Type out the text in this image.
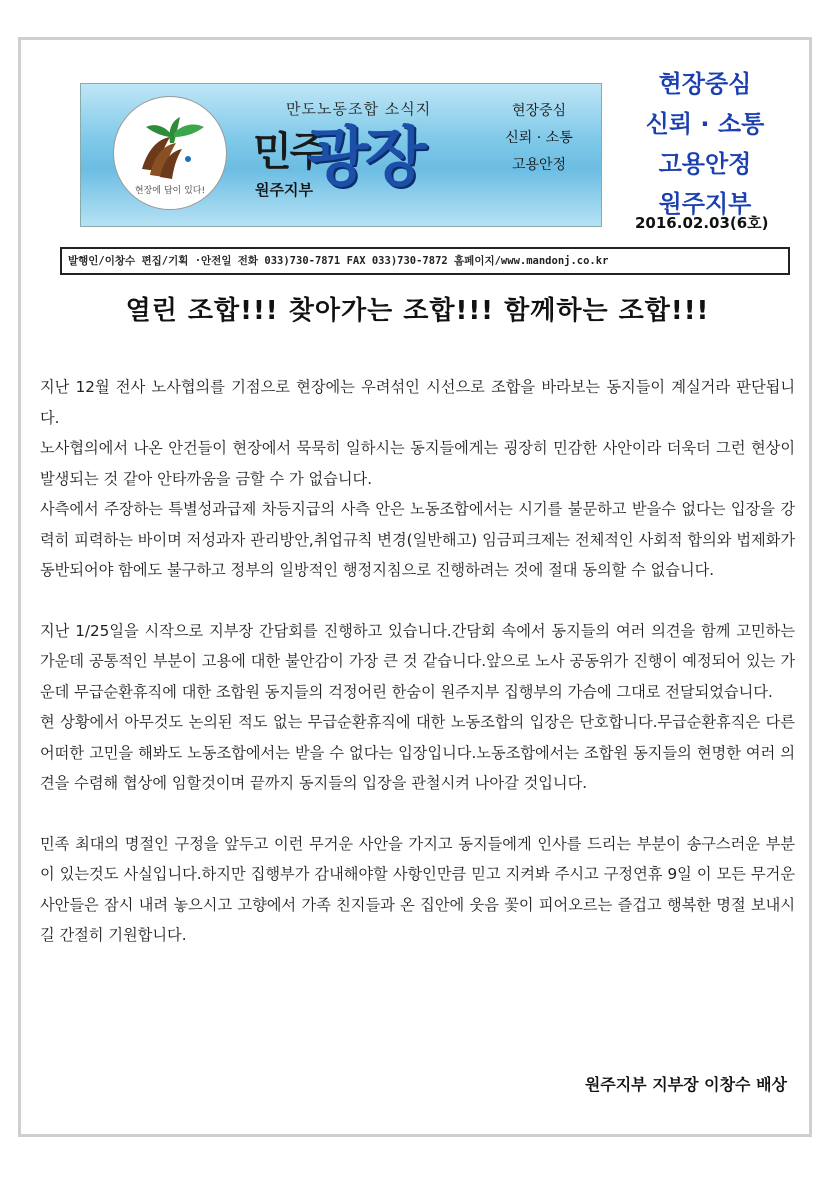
현장에 답이 있다!
만도노동조합 소식지
민주
광장
원주지부
현장중심
신뢰 · 소통
고용안정
현장중심
신뢰 · 소통
고용안정
원주지부
2016.02.03(6호)
발행인/이창수 편집/기획 ·안전일 전화 033)730-7871 FAX 033)730-7872 홈페이지/www.mandonj.co.kr
열린 조합!!! 찾아가는 조합!!! 함께하는 조합!!!

지난 12월 전사 노사협의를 기점으로 현장에는 우려섞인 시선으로 조합을 바라보는 동지들이 계실거라 판단됩니다.

노사협의에서 나온 안건들이 현장에서 묵묵히 일하시는 동지들에게는 굉장히 민감한 사안이라 더욱더 그런 현상이 발생되는 것 같아 안타까움을 금할 수 가 없습니다.

사측에서 주장하는 특별성과급제 차등지급의 사측 안은 노동조합에서는 시기를 불문하고 받을수 없다는 입장을 강력히 피력하는 바이며 저성과자 관리방안,취업규칙 변경(일반해고) 임금피크제는 전체적인 사회적 합의와 법제화가 동반되어야 함에도 불구하고 정부의 일방적인 행정지침으로 진행하려는 것에 절대 동의할 수 없습니다.

지난 1/25일을 시작으로 지부장 간담회를 진행하고 있습니다.간담회 속에서 동지들의 여러 의견을 함께 고민하는 가운데 공통적인 부분이 고용에 대한 불안감이 가장 큰 것 같습니다.앞으로 노사 공동위가 진행이 예정되어 있는 가운데 무급순환휴직에 대한 조합원 동지들의 걱정어린 한숨이 원주지부 집행부의 가슴에 그대로 전달되었습니다.

현 상황에서 아무것도 논의된 적도 없는 무급순환휴직에 대한 노동조합의 입장은 단호합니다.무급순환휴직은 다른 어떠한 고민을 해봐도 노동조합에서는 받을 수 없다는 입장입니다.노동조합에서는 조합원 동지들의 현명한 여러 의견을 수렴해 협상에 임할것이며 끝까지 동지들의 입장을 관철시켜 나아갈 것입니다.

민족 최대의 명절인 구정을 앞두고 이런 무거운 사안을 가지고 동지들에게 인사를 드리는 부분이 송구스러운 부분이 있는것도 사실입니다.하지만 집행부가 감내해야할 사항인만큼 믿고 지켜봐 주시고 구정연휴 9일 이 모든 무거운 사안들은 잠시 내려 놓으시고 고향에서 가족 친지들과 온 집안에 웃음 꽃이 피어오르는 즐겁고 행복한 명절 보내시길 간절히 기원합니다.

원주지부 지부장 이창수 배상
